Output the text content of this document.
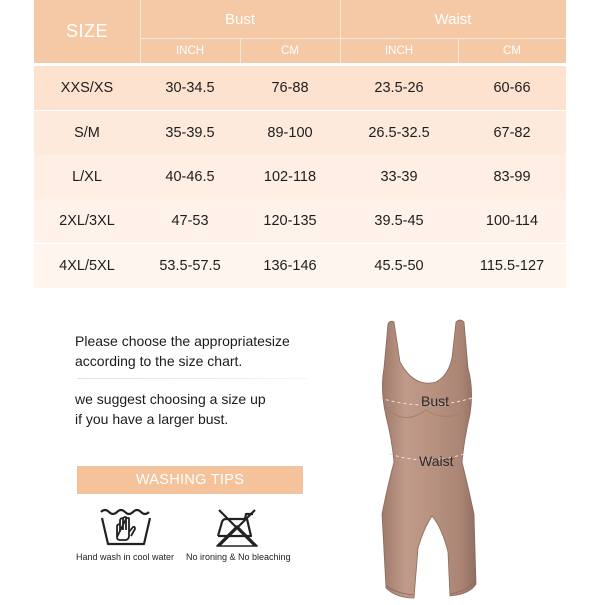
SIZE
Bust	Waist
INCH	CM	INCH	CM
XXS/XS	30-34.5	76-88	23.5-26	60-66
S/M	35-39.5	89-100	26.5-32.5	67-82
L/XL	40-46.5	102-118	33-39	83-99
2XL/3XL	47-53	120-135	39.5-45	100-114
4XL/5XL	53.5-57.5	136-146	45.5-50	115.5-127
Please choose the appropriatesize
according to the size chart.
we suggest choosing a size up
if you have a larger bust.
WASHING TIPS
Hand wash in cool water No ironing & No bleaching
Bust
Waist
